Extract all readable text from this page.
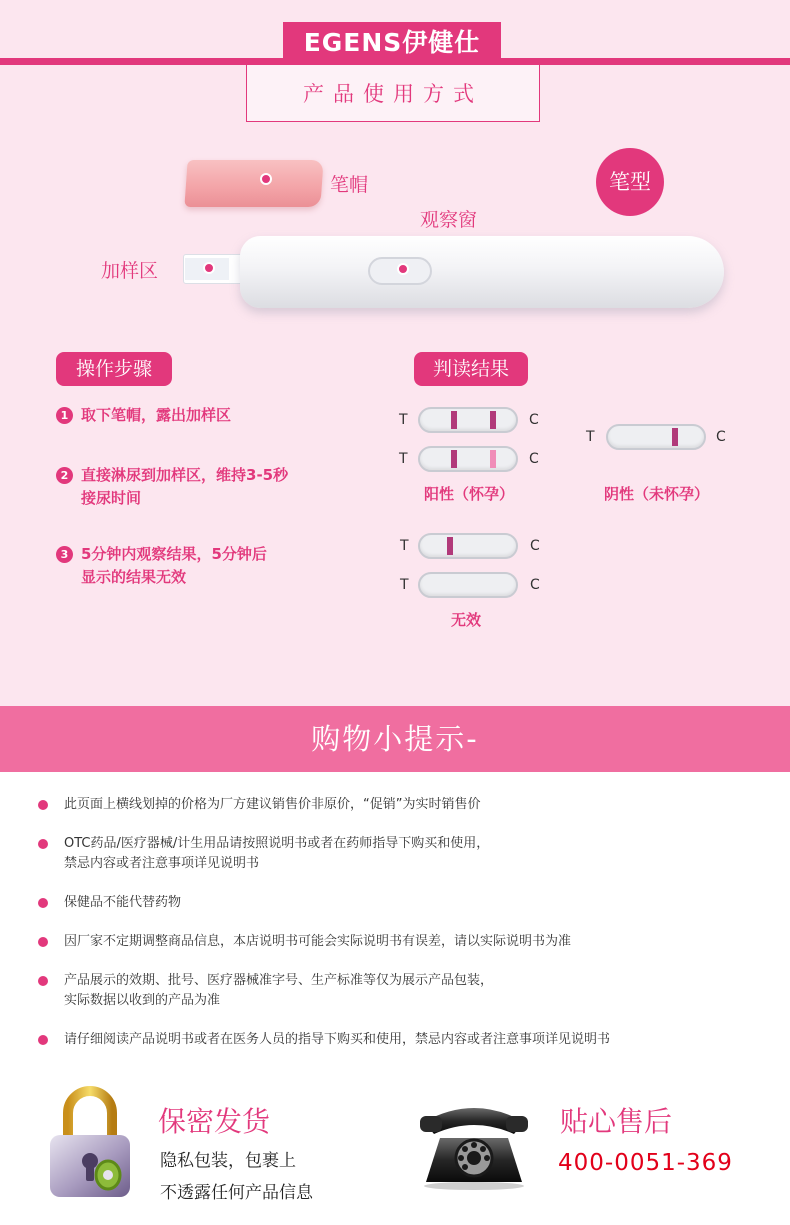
EGENS伊健仕
产品使用方式
笔帽
观察窗
笔型
加样区
操作步骤
1 取下笔帽，露出加样区
2 直接淋尿到加样区，维持3-5秒
接尿时间
3 5分钟内观察结果，5分钟后
显示的结果无效
判读结果
T	C
T	C
阳性（怀孕）
T	C
阴性（未怀孕）
T	C
T	C
无效
购物小提示-
此页面上横线划掉的价格为厂方建议销售价非原价，“促销”为实时销售价
OTC药品/医疗器械/计生用品请按照说明书或者在药师指导下购买和使用，
禁忌内容或者注意事项详见说明书
保健品不能代替药物
因厂家不定期调整商品信息，本店说明书可能会实际说明书有误差，请以实际说明书为准
产品展示的效期、批号、医疗器械准字号、生产标准等仅为展示产品包装，
实际数据以收到的产品为准
请仔细阅读产品说明书或者在医务人员的指导下购买和使用，禁忌内容或者注意事项详见说明书
保密发货
隐私包装，包裹上
不透露任何产品信息
贴心售后
400-0051-369
